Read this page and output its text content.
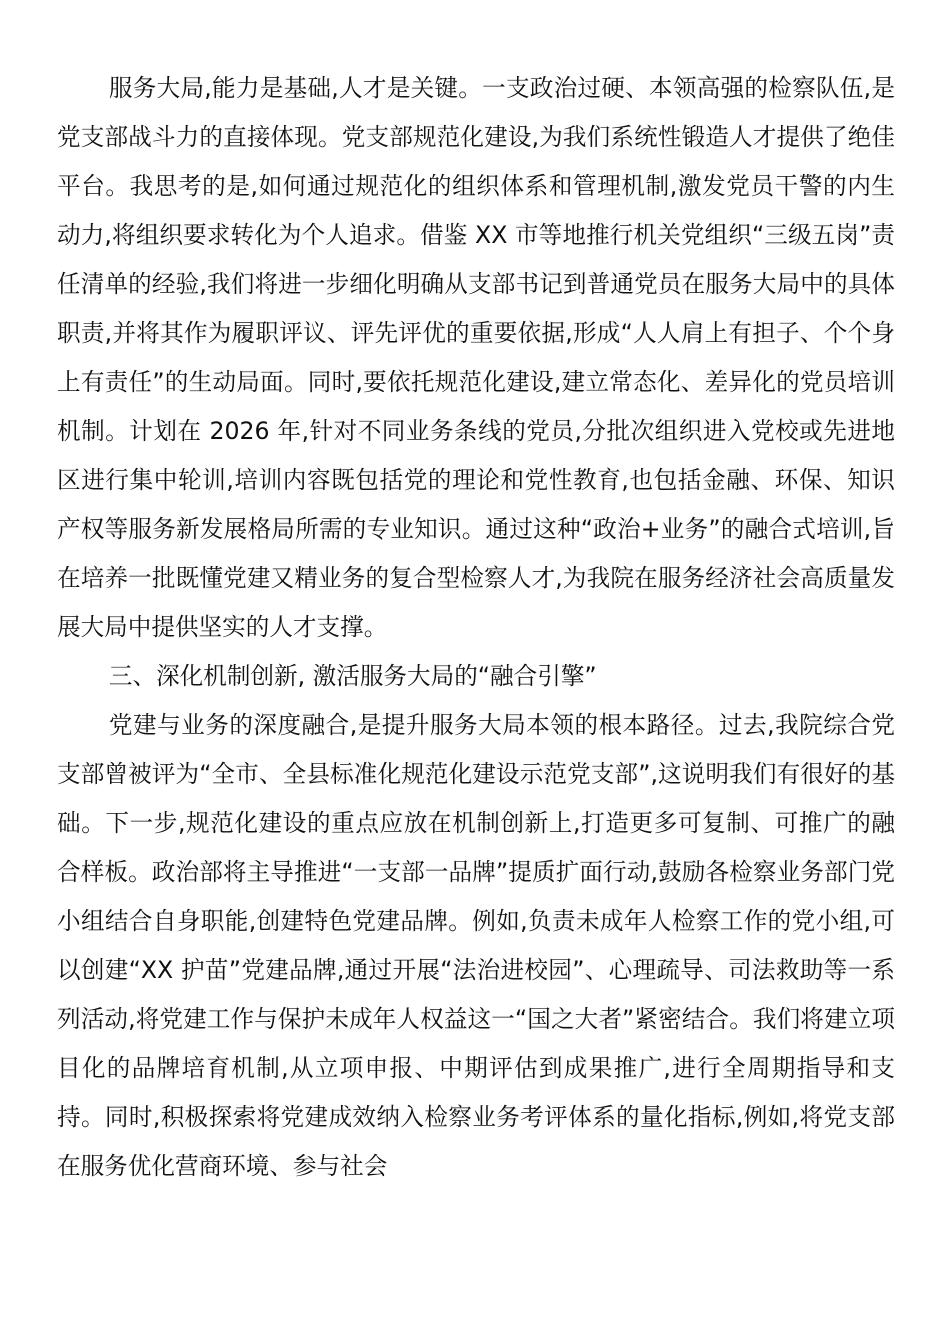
服务大局,能力是基础,人才是关键。一支政治过硬、本领高强的检察队伍,是党支部战斗力的直接体现。党支部规范化建设,为我们系统性锻造人才提供了绝佳平台。我思考的是,如何通过规范化的组织体系和管理机制,激发党员干警的内生动力,将组织要求转化为个人追求。借鉴 XX 市等地推行机关党组织“三级五岗”责任清单的经验,我们将进一步细化明确从支部书记到普通党员在服务大局中的具体职责,并将其作为履职评议、评先评优的重要依据,形成“人人肩上有担子、个个身上有责任”的生动局面。同时,要依托规范化建设,建立常态化、差异化的党员培训机制。计划在 2026 年,针对不同业务条线的党员,分批次组织进入党校或先进地区进行集中轮训,培训内容既包括党的理论和党性教育,也包括金融、环保、知识产权等服务新发展格局所需的专业知识。通过这种“政治+业务”的融合式培训,旨在培养一批既懂党建又精业务的复合型检察人才,为我院在服务经济社会高质量发展大局中提供坚实的人才支撑。

三、深化机制创新, 激活服务大局的“融合引擎”

党建与业务的深度融合,是提升服务大局本领的根本路径。过去,我院综合党支部曾被评为“全市、全县标准化规范化建设示范党支部”,这说明我们有很好的基础。下一步,规范化建设的重点应放在机制创新上,打造更多可复制、可推广的融合样板。政治部将主导推进“一支部一品牌”提质扩面行动,鼓励各检察业务部门党小组结合自身职能,创建特色党建品牌。例如,负责未成年人检察工作的党小组,可以创建“XX 护苗”党建品牌,通过开展“法治进校园”、心理疏导、司法救助等一系列活动,将党建工作与保护未成年人权益这一“国之大者”紧密结合。我们将建立项目化的品牌培育机制,从立项申报、中期评估到成果推广,进行全周期指导和支持。同时,积极探索将党建成效纳入检察业务考评体系的量化指标,例如,将党支部在服务优化营商环境、参与社会
